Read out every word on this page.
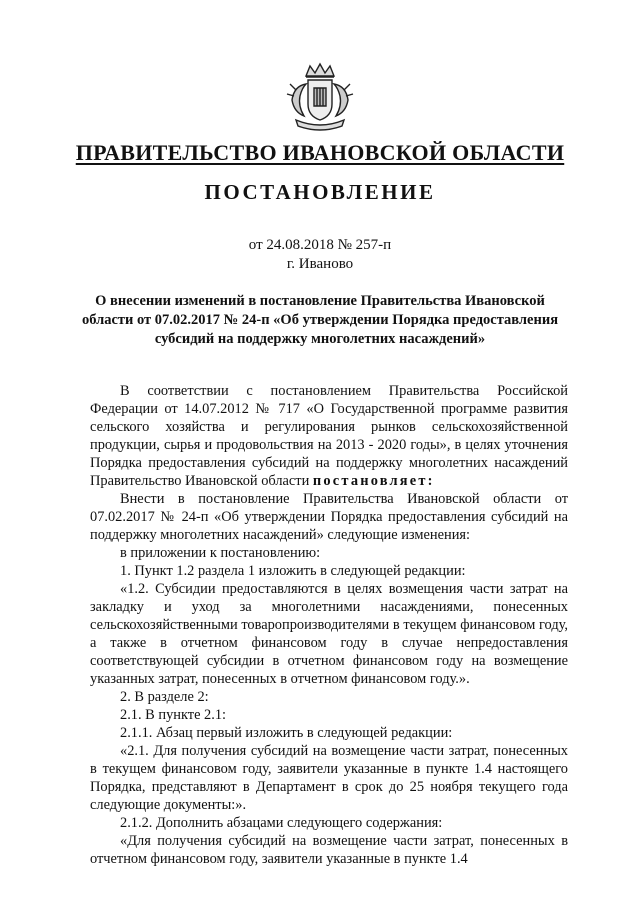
ПРАВИТЕЛЬСТВО ИВАНОВСКОЙ ОБЛАСТИ
ПОСТАНОВЛЕНИЕ
от 24.08.2018 № 257-п
г. Иваново
О внесении изменений в постановление Правительства Ивановской области от 07.02.2017 № 24-п «Об утверждении Порядка предоставления субсидий на поддержку многолетних насаждений»

В соответствии с постановлением Правительства Российской Федерации от 14.07.2012 № 717 «О Государственной программе развития сельского хозяйства и регулирования рынков сельскохозяйственной продукции, сырья и продовольствия на 2013 - 2020 годы», в целях уточнения Порядка предоставления субсидий на поддержку многолетних насаждений Правительство Ивановской области постановляет:

Внести в постановление Правительства Ивановской области от 07.02.2017 № 24-п «Об утверждении Порядка предоставления субсидий на поддержку многолетних насаждений» следующие изменения:

в приложении к постановлению:

1. Пункт 1.2 раздела 1 изложить в следующей редакции:

«1.2. Субсидии предоставляются в целях возмещения части затрат на закладку и уход за многолетними насаждениями, понесенных сельскохозяйственными товаропроизводителями в текущем финансовом году, а также в отчетном финансовом году в случае непредоставления соответствующей субсидии в отчетном финансовом году на возмещение указанных затрат, понесенных в отчетном финансовом году.».

2. В разделе 2:

2.1. В пункте 2.1:

2.1.1. Абзац первый изложить в следующей редакции:

«2.1. Для получения субсидий на возмещение части затрат, понесенных в текущем финансовом году, заявители указанные в пункте 1.4 настоящего Порядка, представляют в Департамент в срок до 25 ноября текущего года следующие документы:».

2.1.2. Дополнить абзацами следующего содержания:

«Для получения субсидий на возмещение части затрат, понесенных в отчетном финансовом году, заявители указанные в пункте 1.4
